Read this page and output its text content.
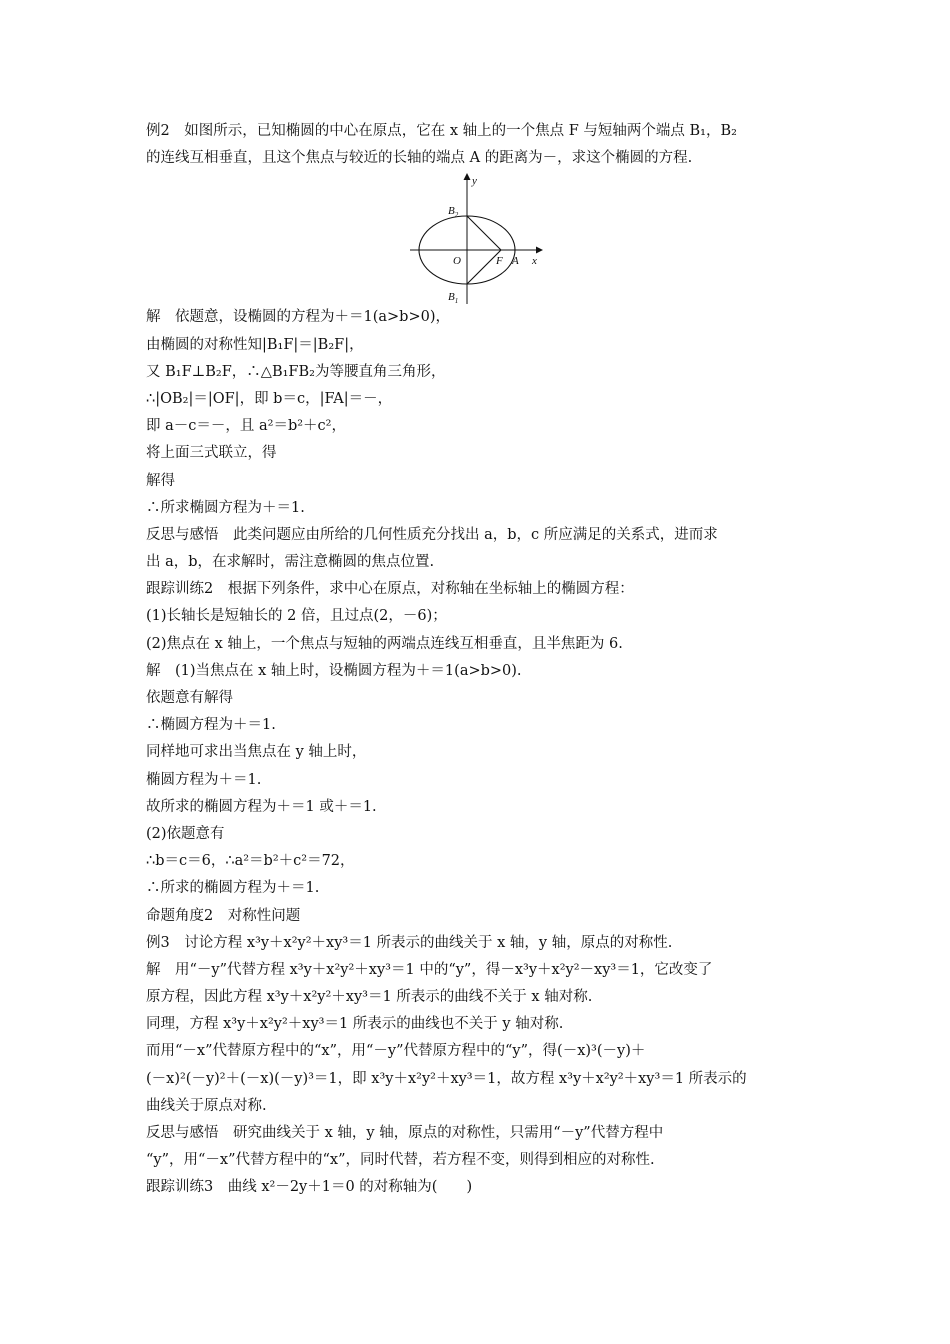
例2　如图所示，已知椭圆的中心在原点，它在 x 轴上的一个焦点 F 与短轴两个端点 B₁，B₂
的连线互相垂直，且这个焦点与较近的长轴的端点 A 的距离为－，求这个椭圆的方程.
y
x
$B_2$
$B_1$
O	F A
解　依题意，设椭圆的方程为＋＝1(a>b>0)，
由椭圆的对称性知|B₁F|＝|B₂F|，
又 B₁F⊥B₂F，∴△B₁FB₂为等腰直角三角形，
∴|OB₂|＝|OF|，即 b＝c，|FA|＝－，
即 a－c＝－，且 a²＝b²＋c²，
将上面三式联立，得
解得
∴所求椭圆方程为＋＝1.
反思与感悟　此类问题应由所给的几何性质充分找出 a，b，c 所应满足的关系式，进而求
出 a，b，在求解时，需注意椭圆的焦点位置.
跟踪训练2　根据下列条件，求中心在原点，对称轴在坐标轴上的椭圆方程：
(1)长轴长是短轴长的 2 倍，且过点(2，－6)；
(2)焦点在 x 轴上，一个焦点与短轴的两端点连线互相垂直，且半焦距为 6.
解　(1)当焦点在 x 轴上时，设椭圆方程为＋＝1(a>b>0).
依题意有解得
∴椭圆方程为＋＝1.
同样地可求出当焦点在 y 轴上时，
椭圆方程为＋＝1.
故所求的椭圆方程为＋＝1 或＋＝1.
(2)依题意有
∴b＝c＝6，∴a²＝b²＋c²＝72，
∴所求的椭圆方程为＋＝1.
命题角度2　对称性问题
例3　讨论方程 x³y＋x²y²＋xy³＝1 所表示的曲线关于 x 轴，y 轴，原点的对称性.
解　用“－y”代替方程 x³y＋x²y²＋xy³＝1 中的“y”，得－x³y＋x²y²－xy³＝1，它改变了
原方程，因此方程 x³y＋x²y²＋xy³＝1 所表示的曲线不关于 x 轴对称.
同理，方程 x³y＋x²y²＋xy³＝1 所表示的曲线也不关于 y 轴对称.
而用“－x”代替原方程中的“x”，用“－y”代替原方程中的“y”，得(－x)³(－y)＋
(－x)²(－y)²＋(－x)(－y)³＝1，即 x³y＋x²y²＋xy³＝1，故方程 x³y＋x²y²＋xy³＝1 所表示的
曲线关于原点对称.
反思与感悟　研究曲线关于 x 轴，y 轴，原点的对称性，只需用“－y”代替方程中
“y”，用“－x”代替方程中的“x”，同时代替，若方程不变，则得到相应的对称性.
跟踪训练3　曲线 x²－2y＋1＝0 的对称轴为(　　)
